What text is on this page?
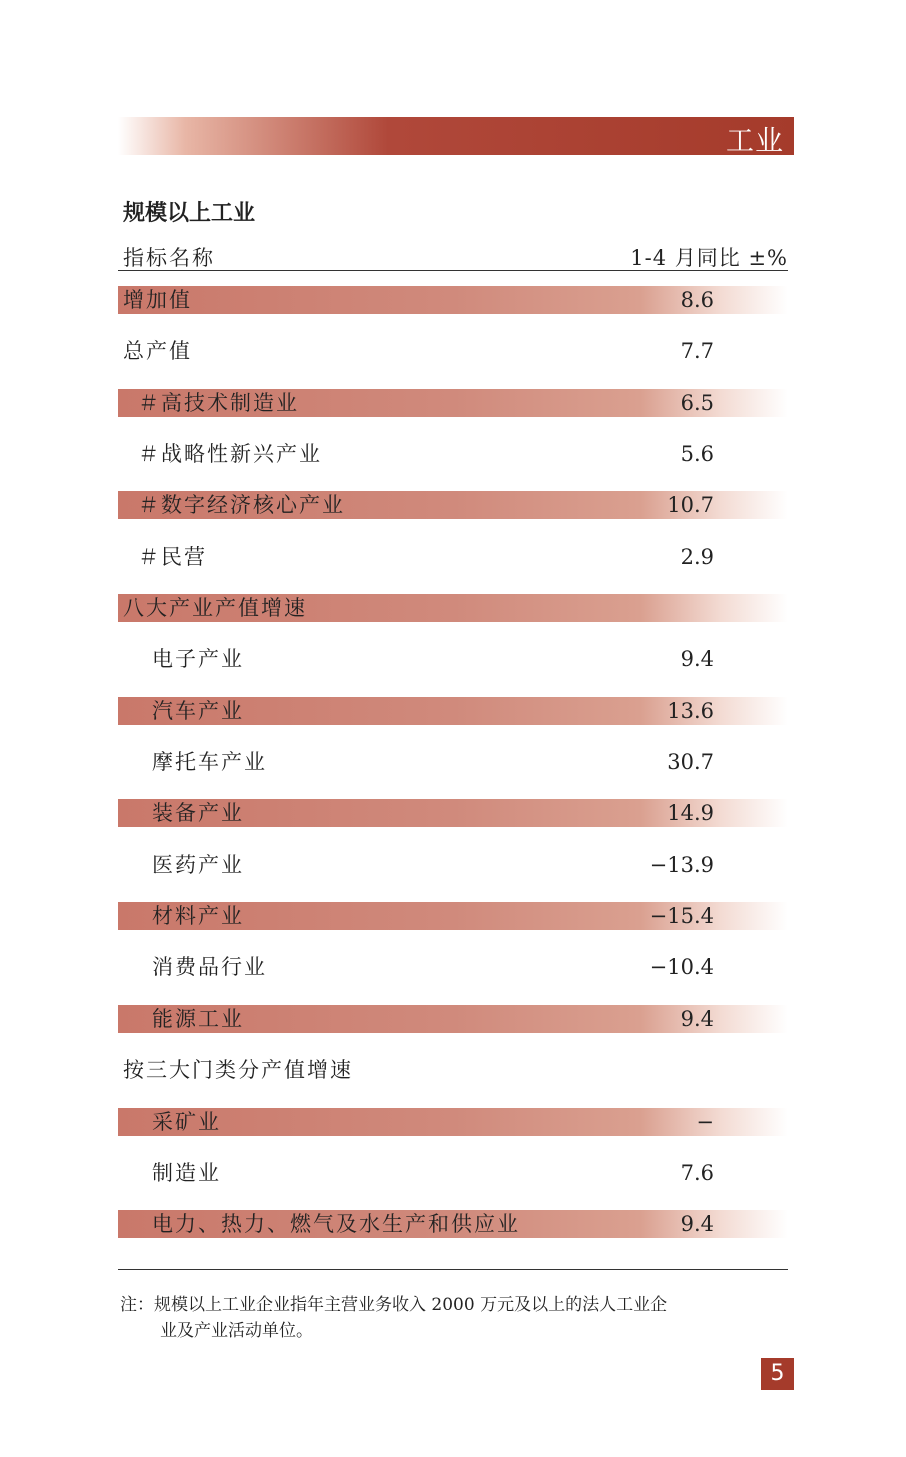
工业
规模以上工业
指标名称	1-4 月同比 ±%
增加值	8.6
总产值	7.7
＃高技术制造业	6.5
＃战略性新兴产业	5.6
＃数字经济核心产业	10.7
＃民营	2.9
八大产业产值增速
电子产业	9.4
汽车产业	13.6
摩托车产业	30.7
装备产业	14.9
医药产业	−13.9
材料产业	−15.4
消费品行业	−10.4
能源工业	9.4
按三大门类分产值增速
采矿业	−
制造业	7.6
电力、热力、燃气及水生产和供应业	9.4
注：规模以上工业企业指年主营业务收入 2000 万元及以上的法人工业企
业及产业活动单位。
5
